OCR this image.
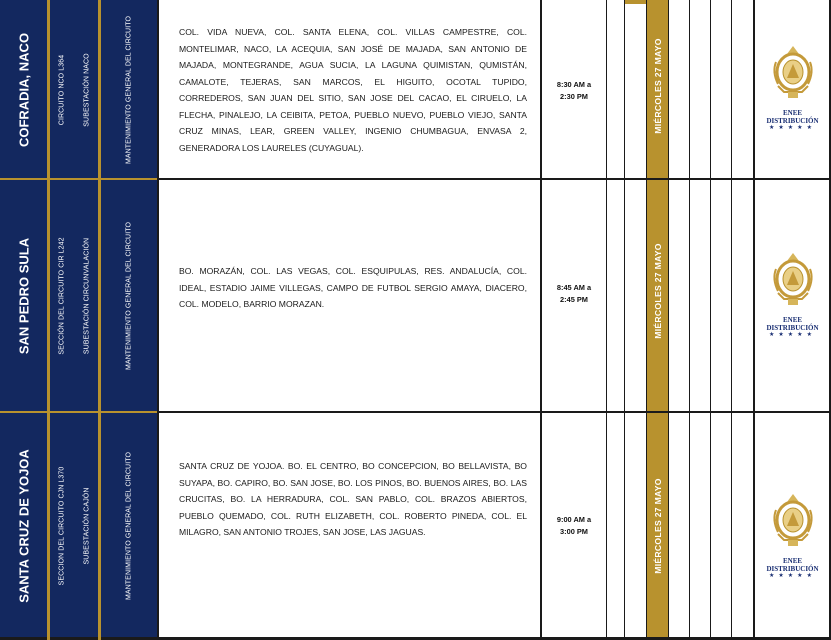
COFRADIA, NACO	CIRCUITO NCO L364	SUBESTACIÓN NACO	MANTENIMIENTO GENERAL DEL CIRCUITO	COL. VIDA NUEVA, COL. SANTA ELENA, COL. VILLAS CAMPESTRE, COL. MONTELIMAR, NACO, LA ACEQUIA, SAN JOSÉ DE MAJADA, SAN ANTONIO DE MAJADA, MONTEGRANDE, AGUA SUCIA, LA LAGUNA QUIMISTAN, QUMISTÁN, CAMALOTE, TEJERAS, SAN MARCOS, EL HIGUITO, OCOTAL TUPIDO, CORREDEROS, SAN JUAN DEL SITIO, SAN JOSE DEL CACAO, EL CIRUELO, LA FLECHA, PINALEJO, LA CEIBITA, PETOA, PUEBLO NUEVO, PUEBLO VIEJO, SANTA CRUZ MINAS, LEAR, GREEN VALLEY, INGENIO CHUMBAGUA, ENVASA 2, GENERADORA LOS LAURELES (CUYAGUAL).
8:30 AM a
2:30 PM	MIÉRCOLES 27 MAYO	ENEE
DISTRIBUCIÓN
★★★★★
SAN PEDRO SULA	SECCIÓN DEL CIRCUITO CIR L242	SUBESTACIÓN CIRCUNVALACIÓN	MANTENIMIENTO GENERAL DEL CIRCUITO	BO. MORAZÁN, COL. LAS VEGAS, COL. ESQUIPULAS, RES. ANDALUCÍA, COL. IDEAL, ESTADIO JAIME VILLEGAS, CAMPO DE FUTBOL SERGIO AMAYA, DIACERO, COL. MODELO, BARRIO MORAZAN.
8:45 AM a
2:45 PM	MIÉRCOLES 27 MAYO	ENEE
DISTRIBUCIÓN
★★★★★
SANTA CRUZ DE YOJOA	SECCION DEL CIRCUITO CJN L370	SUBESTACIÓN CAJÓN	MANTENIMIENTO GENERAL DEL CIRCUITO	SANTA CRUZ DE YOJOA. BO. EL CENTRO, BO CONCEPCION, BO BELLAVISTA, BO SUYAPA, BO. CAPIRO, BO. SAN JOSE, BO. LOS PINOS, BO. BUENOS AIRES, BO. LAS CRUCITAS, BO. LA HERRADURA, COL. SAN PABLO, COL. BRAZOS ABIERTOS, PUEBLO QUEMADO, COL. RUTH ELIZABETH, COL. ROBERTO PINEDA, COL. EL MILAGRO, SAN ANTONIO TROJES, SAN JOSE, LAS JAGUAS.
9:00 AM a
3:00 PM	MIÉRCOLES 27 MAYO	ENEE
DISTRIBUCIÓN
★★★★★
